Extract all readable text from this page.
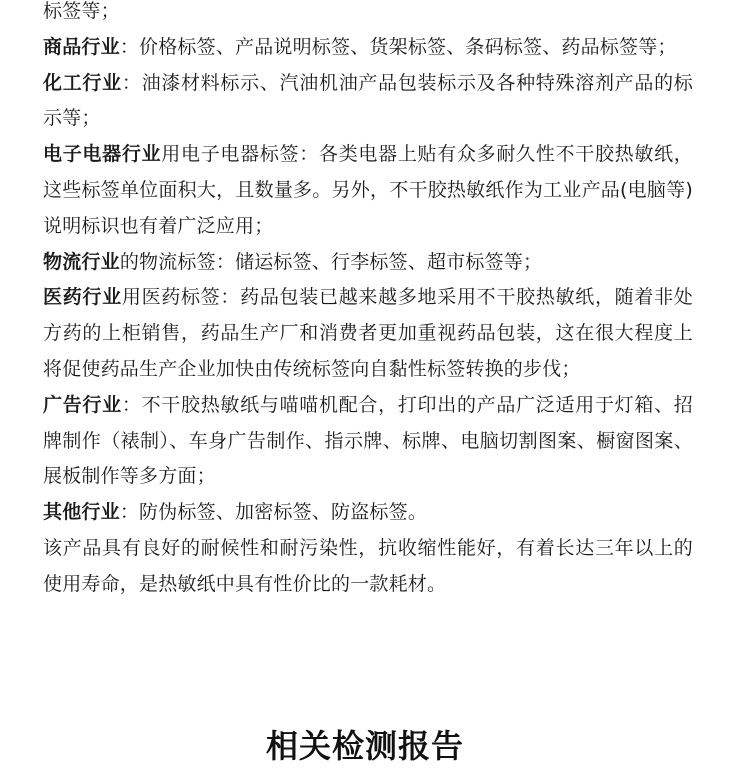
标签等；

商品行业：价格标签、产品说明标签、货架标签、条码标签、药品标签等；

化工行业：油漆材料标示、汽油机油产品包装标示及各种特殊溶剂产品的标示等；

电子电器行业用电子电器标签：各类电器上贴有众多耐久性不干胶热敏纸，这些标签单位面积大，且数量多。另外，不干胶热敏纸作为工业产品(电脑等)说明标识也有着广泛应用；

物流行业的物流标签：储运标签、行李标签、超市标签等；

医药行业用医药标签：药品包装已越来越多地采用不干胶热敏纸，随着非处方药的上柜销售，药品生产厂和消费者更加重视药品包装，这在很大程度上将促使药品生产企业加快由传统标签向自黏性标签转换的步伐；

广告行业：不干胶热敏纸与喵喵机配合，打印出的产品广泛适用于灯箱、招牌制作（裱制）、车身广告制作、指示牌、标牌、电脑切割图案、橱窗图案、展板制作等多方面；

其他行业：防伪标签、加密标签、防盗标签。

该产品具有良好的耐候性和耐污染性，抗收缩性能好，有着长达三年以上的使用寿命，是热敏纸中具有性价比的一款耗材。

相关检测报告
